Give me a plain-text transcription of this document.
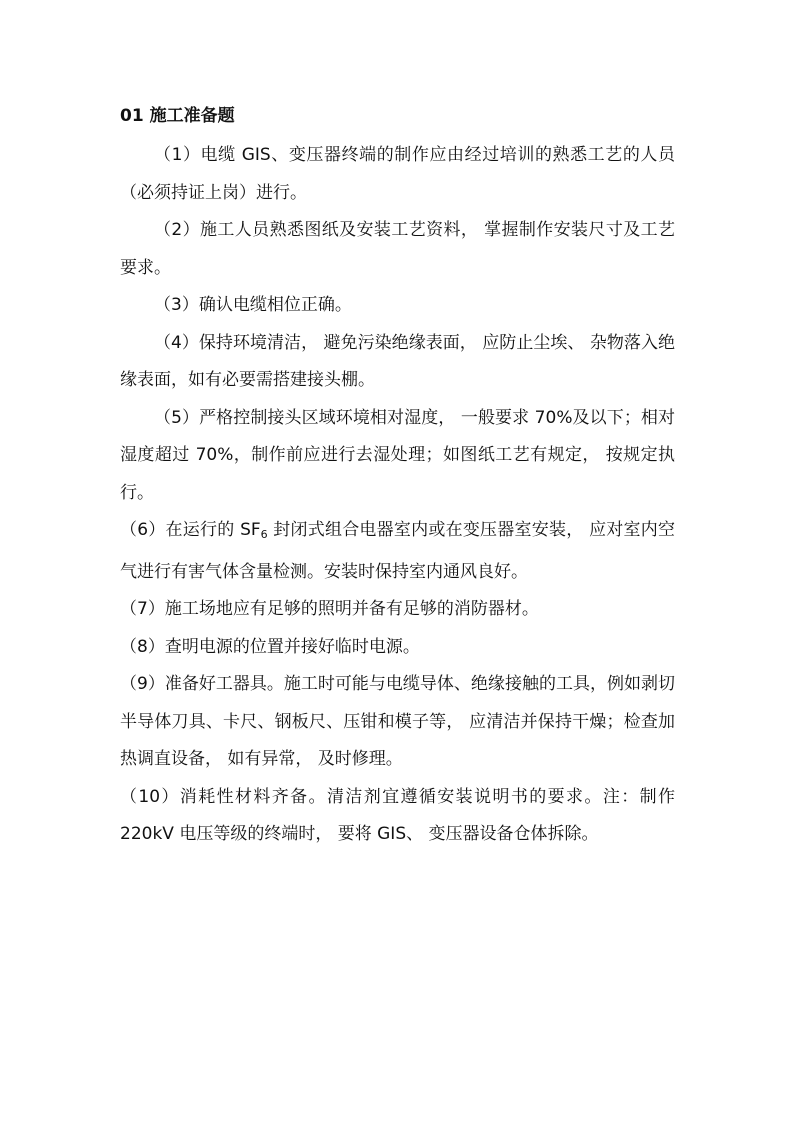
01 施工准备题

（1）电缆 GIS、变压器终端的制作应由经过培训的熟悉工艺的人员（必须持证上岗）进行。

（2）施工人员熟悉图纸及安装工艺资料， 掌握制作安装尺寸及工艺要求。

（3）确认电缆相位正确。

（4）保持环境清洁， 避免污染绝缘表面， 应防止尘埃、 杂物落入绝缘表面，如有必要需搭建接头棚。

（5）严格控制接头区域环境相对湿度， 一般要求 70%及以下；相对湿度超过 70%，制作前应进行去湿处理；如图纸工艺有规定， 按规定执行。

（6）在运行的 $SF_6$ 封闭式组合电器室内或在变压器室安装， 应对室内空气进行有害气体含量检测。安装时保持室内通风良好。

（7）施工场地应有足够的照明并备有足够的消防器材。

（8）查明电源的位置并接好临时电源。

（9）准备好工器具。施工时可能与电缆导体、绝缘接触的工具，例如剥切半导体刀具、卡尺、钢板尺、压钳和模子等， 应清洁并保持干燥；检查加热调直设备， 如有异常， 及时修理。

（10）消耗性材料齐备。清洁剂宜遵循安装说明书的要求。注：制作 220kV 电压等级的终端时， 要将 GIS、 变压器设备仓体拆除。
